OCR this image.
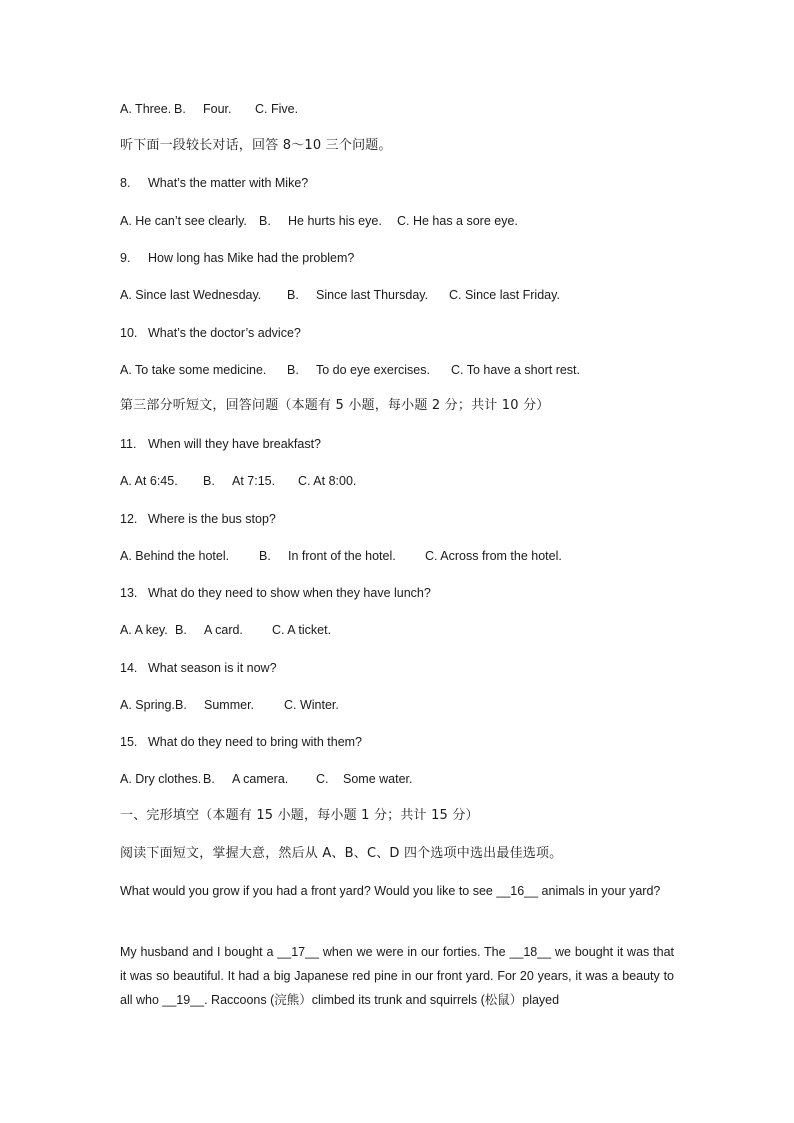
A. Three. B. Four. C. Five.
听下面一段较长对话，回答 8～10 三个问题。
8. What’s the matter with Mike?
A. He can’t see clearly. B. He hurts his eye. C. He has a sore eye.
9. How long has Mike had the problem?
A. Since last Wednesday. B. Since last Thursday. C. Since last Friday.
10. What’s the doctor’s advice?
A. To take some medicine. B. To do eye exercises. C. To have a short rest.
第三部分听短文，回答问题（本题有 5 小题，每小题 2 分；共计 10 分）
11. When will they have breakfast?
A. At 6:45. B. At 7:15. C. At 8:00.
12. Where is the bus stop?
A. Behind the hotel. B. In front of the hotel. C. Across from the hotel.
13. What do they need to show when they have lunch?
A. A key. B. A card. C. A ticket.
14. What season is it now?
A. Spring.B. Summer. C. Winter.
15. What do they need to bring with them?
A. Dry clothes. B. A camera. C. Some water.
一、完形填空（本题有 15 小题，每小题 1 分；共计 15 分）
阅读下面短文，掌握大意，然后从 A、B、C、D 四个选项中选出最佳选项。
What would you grow if you had a front yard? Would you like to see __16__ animals in your yard?
My husband and I bought a __17__ when we were in our forties. The __18__ we bought it was that it was so beautiful. It had a big Japanese red pine in our front yard. For 20 years, it was a beauty to all who __19__. Raccoons (浣熊）climbed its trunk and squirrels (松鼠）played
